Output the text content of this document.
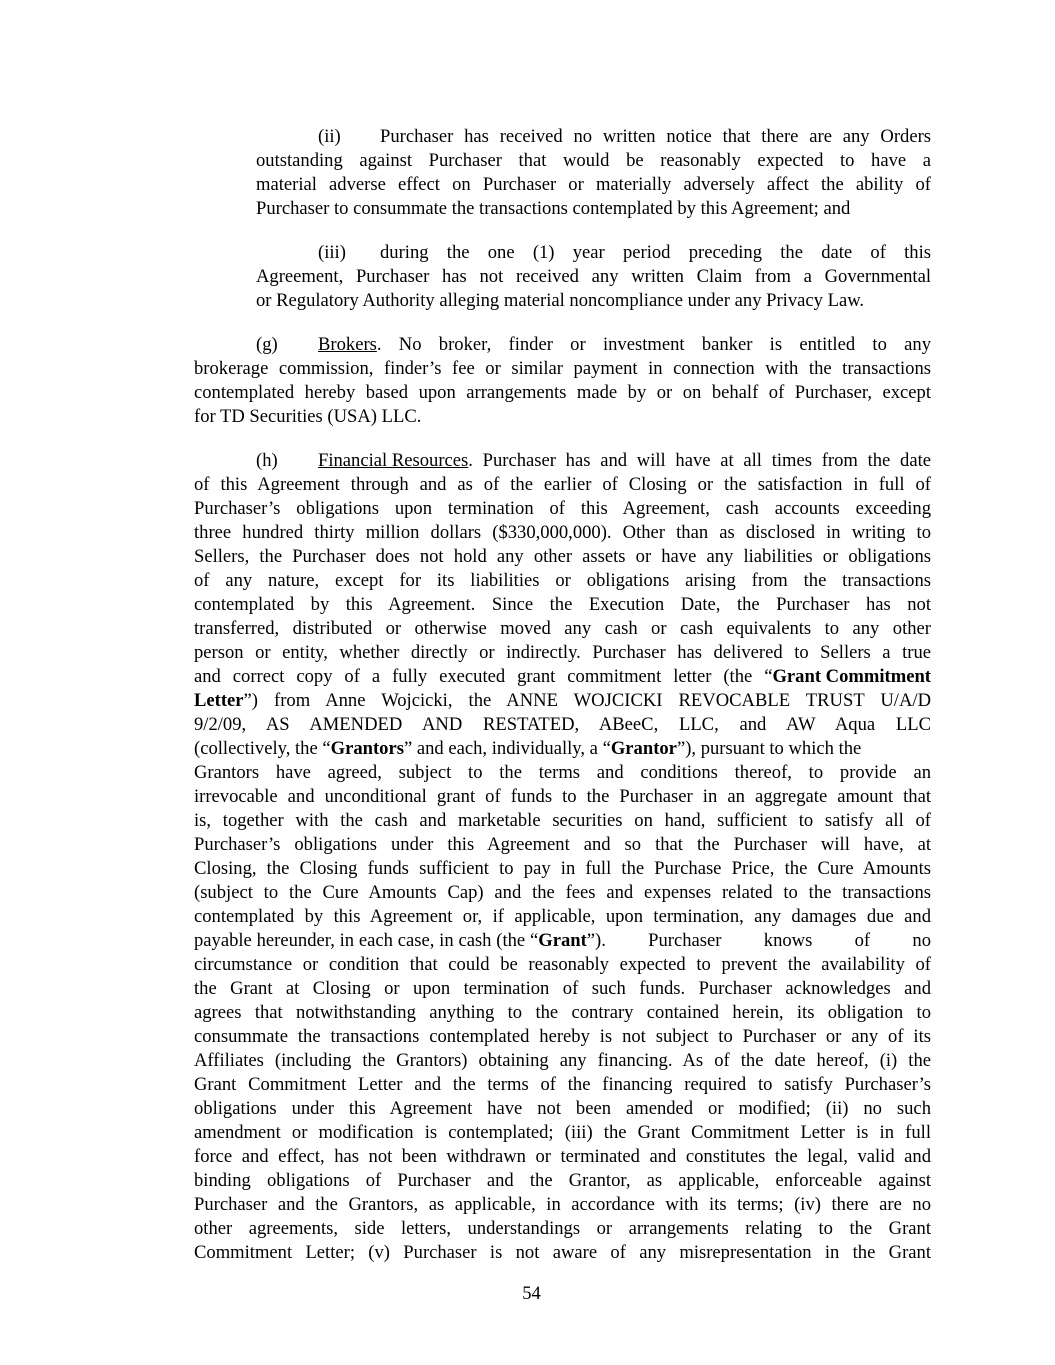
(ii)	Purchaser has received no written notice that there are any Orders
outstanding against Purchaser that would be reasonably expected to have a
material adverse effect on Purchaser or materially adversely affect the ability of
Purchaser to consummate the transactions contemplated by this Agreement; and
(iii)	during the one (1) year period preceding the date of this
Agreement, Purchaser has not received any written Claim from a Governmental
or Regulatory Authority alleging material noncompliance under any Privacy Law.
(g)	Brokers . No broker, finder or investment banker is entitled to any
brokerage commission, finder’s fee or similar payment in connection with the transactions
contemplated hereby based upon arrangements made by or on behalf of Purchaser, except
for TD Securities (USA) LLC.
(h)	Financial Resources . Purchaser has and will have at all times from the date
of this Agreement through and as of the earlier of Closing or the satisfaction in full of
Purchaser’s obligations upon termination of this Agreement, cash accounts exceeding
three hundred thirty million dollars ($330,000,000). Other than as disclosed in writing to
Sellers, the Purchaser does not hold any other assets or have any liabilities or obligations
of any nature, except for its liabilities or obligations arising from the transactions
contemplated by this Agreement. Since the Execution Date, the Purchaser has not
transferred, distributed or otherwise moved any cash or cash equivalents to any other
person or entity, whether directly or indirectly. Purchaser has delivered to Sellers a true
and correct copy of a fully executed grant commitment letter (the “ Grant Commitment
Letter ”) from Anne Wojcicki, the ANNE WOJCICKI REVOCABLE TRUST U/A/D
9/2/09, AS AMENDED AND RESTATED, ABeeC, LLC, and AW Aqua LLC
(collectively, the “Grantors” and each, individually, a “Grantor”), pursuant to which the
Grantors have agreed, subject to the terms and conditions thereof, to provide an
irrevocable and unconditional grant of funds to the Purchaser in an aggregate amount that
is, together with the cash and marketable securities on hand, sufficient to satisfy all of
Purchaser’s obligations under this Agreement and so that the Purchaser will have, at
Closing, the Closing funds sufficient to pay in full the Purchase Price, the Cure Amounts
(subject to the Cure Amounts Cap) and the fees and expenses related to the transactions
contemplated by this Agreement or, if applicable, upon termination, any damages due and
payable hereunder, in each case, in cash (the “ Grant ”). Purchaser knows of no
circumstance or condition that could be reasonably expected to prevent the availability of
the Grant at Closing or upon termination of such funds. Purchaser acknowledges and
agrees that notwithstanding anything to the contrary contained herein, its obligation to
consummate the transactions contemplated hereby is not subject to Purchaser or any of its
Affiliates (including the Grantors) obtaining any financing. As of the date hereof, (i) the
Grant Commitment Letter and the terms of the financing required to satisfy Purchaser’s
obligations under this Agreement have not been amended or modified; (ii) no such
amendment or modification is contemplated; (iii) the Grant Commitment Letter is in full
force and effect, has not been withdrawn or terminated and constitutes the legal, valid and
binding obligations of Purchaser and the Grantor, as applicable, enforceable against
Purchaser and the Grantors, as applicable, in accordance with its terms; (iv) there are no
other agreements, side letters, understandings or arrangements relating to the Grant
Commitment Letter; (v) Purchaser is not aware of any misrepresentation in the Grant
54
